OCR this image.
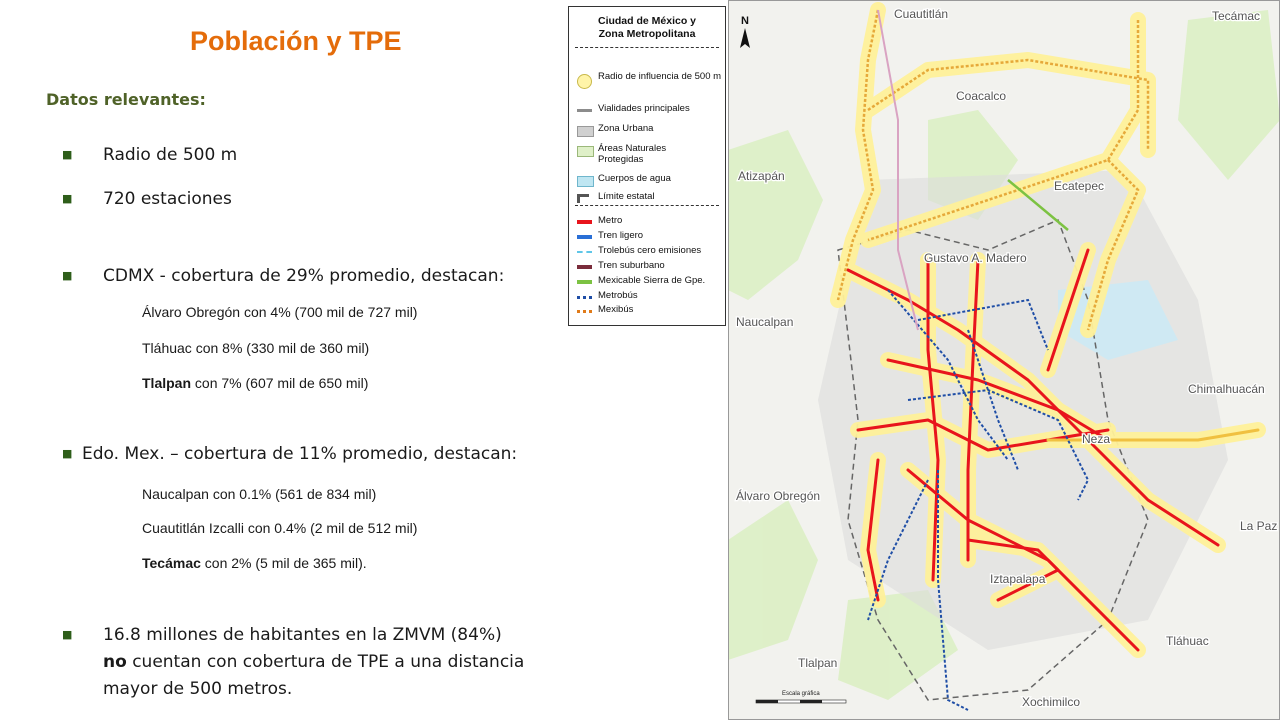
Población y TPE
Datos relevantes:
■ Radio de 500 m
■ 720 estaciones
■ CDMX - cobertura de 29% promedio, destacan:
Álvaro Obregón con 4% (700 mil de 727 mil)
Tláhuac con 8% (330 mil de 360 mil)
Tlalpan con 7% (607 mil de 650 mil)
■ Edo. Mex. – cobertura de 11% promedio, destacan:
Naucalpan con 0.1% (561 de 834 mil)
Cuautitlán Izcalli con 0.4% (2 mil de 512 mil)
Tecámac con 2% (5 mil de 365 mil).
■ 16.8 millones de habitantes en la ZMVM (84%)
no cuentan con cobertura de TPE a una distancia
mayor de 500 metros.
Ciudad de México y
Zona Metropolitana
Radio de influencia de 500 m
Vialidades principales
Zona Urbana
Áreas Naturales Protegidas
Cuerpos de agua
Límite estatal
Metro
Tren ligero
Trolebús cero emisiones
Tren suburbano
Mexicable Sierra de Gpe.
Metrobús
Mexibús
Cuautitlán	Tecámac
Coacalco
Atizapán
Ecatepec
Gustavo A. Madero
Naucalpan
Chimalhuacán
Neza
Álvaro Obregón
La Paz
Iztapalapa
Tláhuac
Tlalpan
Xochimilco
N
Escala gráfica
